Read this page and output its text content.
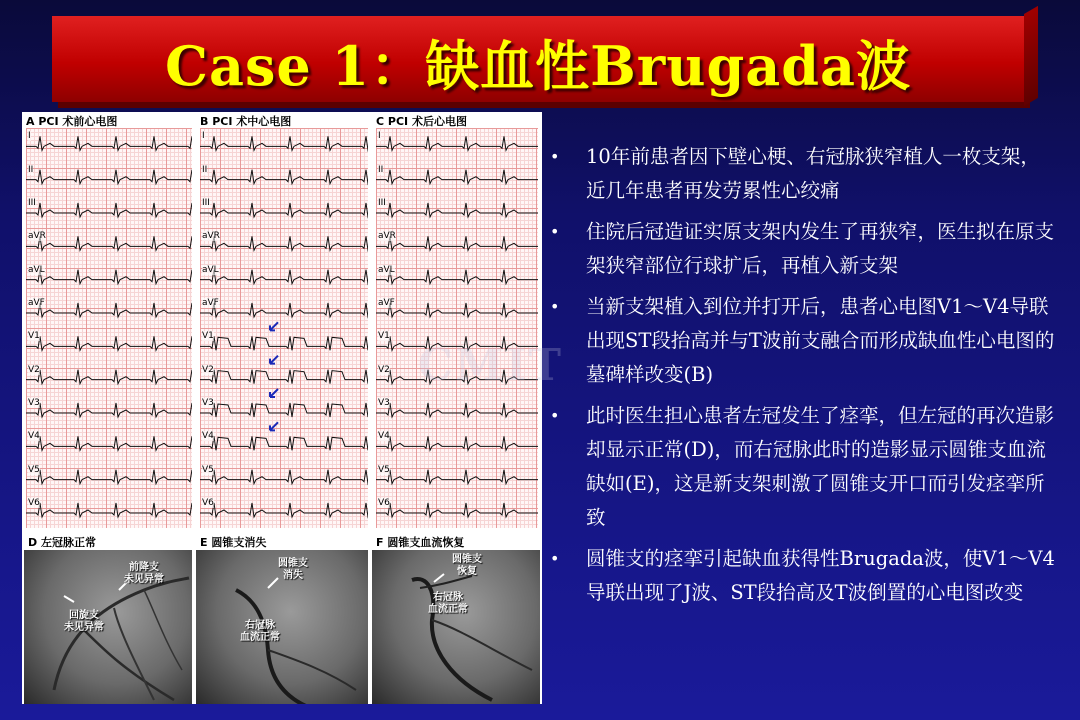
Case 1：缺血性Brugada波
A PCI 术前心电图
I
II
III
aVR
aVL
aVF
V1
V2
V3
V4
V5
V6
B PCI 术中心电图
I
II
III
aVR
aVL
aVF
V1
V2
V3
V4
V5
V6
C PCI 术后心电图
I
II
III
aVR
aVL
aVF
V1
V2
V3
V4
V5
V6
D 左冠脉正常
前降支
未见异常
回旋支
未见异常
E 圆锥支消失
圆锥支
消失
右冠脉
血流正常
F 圆锥支血流恢复
圆锥支
恢复
右冠脉
血流正常
CMIT
• 10年前患者因下壁心梗、右冠脉狭窄植人一枚支架，近几年患者再发劳累性心绞痛
• 住院后冠造证实原支架内发生了再狭窄，医生拟在原支架狭窄部位行球扩后，再植入新支架
• 当新支架植入到位并打开后，患者心电图V1～V4导联出现ST段抬高并与T波前支融合而形成缺血性心电图的墓碑样改变(B)
• 此时医生担心患者左冠发生了痉挛，但左冠的再次造影却显示正常(D)，而右冠脉此时的造影显示圆锥支血流缺如(E)，这是新支架刺激了圆锥支开口而引发痉挛所致
• 圆锥支的痉挛引起缺血获得性Brugada波，使V1～V4导联出现了J波、ST段抬高及T波倒置的心电图改变
